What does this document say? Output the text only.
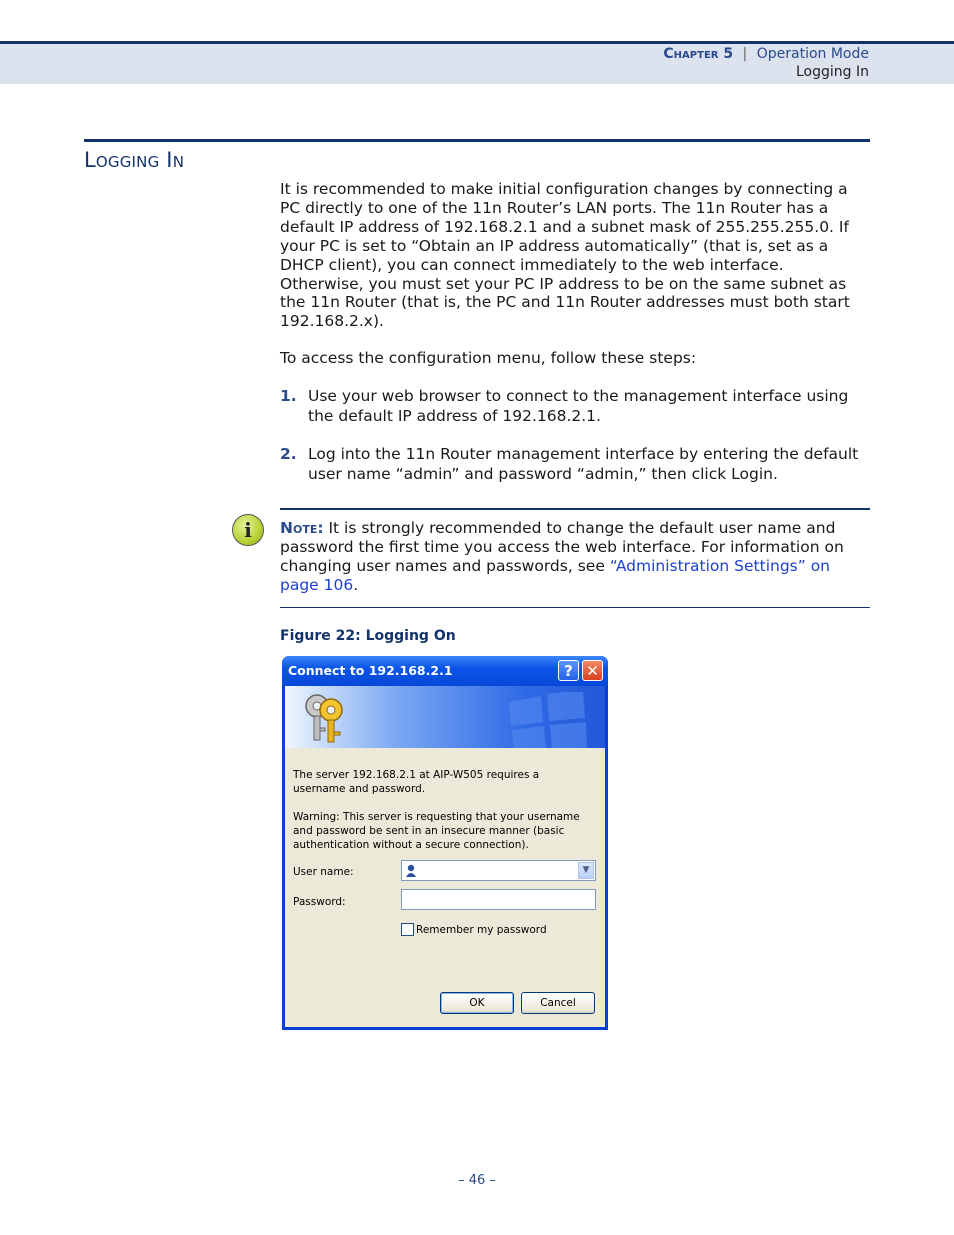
Chapter 5 | Operation Mode
Logging In
Logging In

It is recommended to make initial configuration changes by connecting a PC directly to one of the 11n Router’s LAN ports. The 11n Router has a default IP address of 192.168.2.1 and a subnet mask of 255.255.255.0. If your PC is set to “Obtain an IP address automatically” (that is, set as a DHCP client), you can connect immediately to the web interface. Otherwise, you must set your PC IP address to be on the same subnet as the 11n Router (that is, the PC and 11n Router addresses must both start 192.168.2.x).

To access the configuration menu, follow these steps:

1. Use your web browser to connect to the management interface using the default IP address of 192.168.2.1.
2. Log into the 11n Router management interface by entering the default user name “admin” and password “admin,” then click Login.
i	Note: It is strongly recommended to change the default user name and password the first time you access the web interface. For information on changing user names and passwords, see “Administration Settings” on page 106.

Figure 22: Logging On
Connect to 192.168.2.1	? ✕

The server 192.168.2.1 at AIP-W505 requires a username and password.

Warning: This server is requesting that your username and password be sent in an insecure manner (basic authentication without a secure connection).

User name:	▼
Password:
Remember my password
OK	Cancel
– 46 –
